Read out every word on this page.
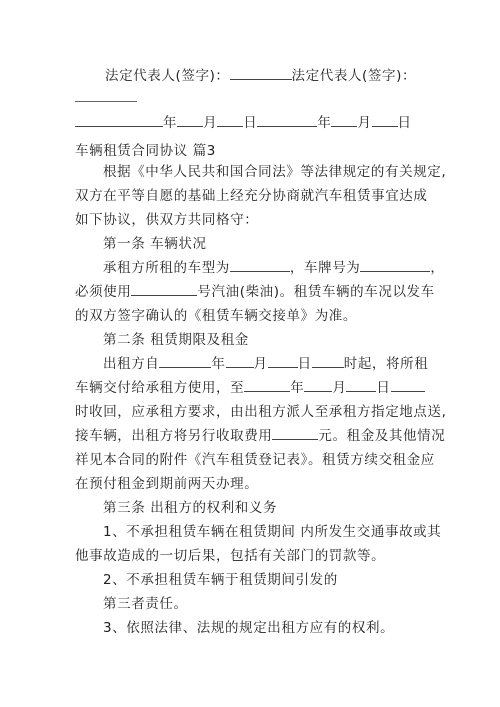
法定代表人(签字)：	法定代表人(签字)：
年 月 日	年 月 日
车辆租赁合同协议 篇3
根据《中华人民共和国合同法》等法律规定的有关规定,
双方在平等自愿的基础上经充分协商就汽车租赁事宜达成
如下协议，供双方共同格守：
第一条 车辆状况
承租方所租的车型为	，车牌号为	，
必须使用	号汽油(柴油)。租赁车辆的车况以发车
的双方签字确认的《租赁车辆交接单》为准。
第二条 租赁期限及租金
出租方自	年 月 日 时起，将所租
车辆交付给承租方使用，至	年 月 日
时收回，应承租方要求，由出租方派人至承租方指定地点送,
接车辆，出租方将另行收取费用	元。租金及其他情况
祥见本合同的附件《汽车租赁登记表》。租赁方续交租金应
在预付租金到期前两天办理。
第三条 出租方的权利和义务
1、不承担租赁车辆在租赁期间 内所发生交通事故或其
他事故造成的一切后果，包括有关部门的罚款等。
2、不承担租赁车辆于租赁期间引发的
第三者责任。
3、依照法律、法规的规定出租方应有的权利。
